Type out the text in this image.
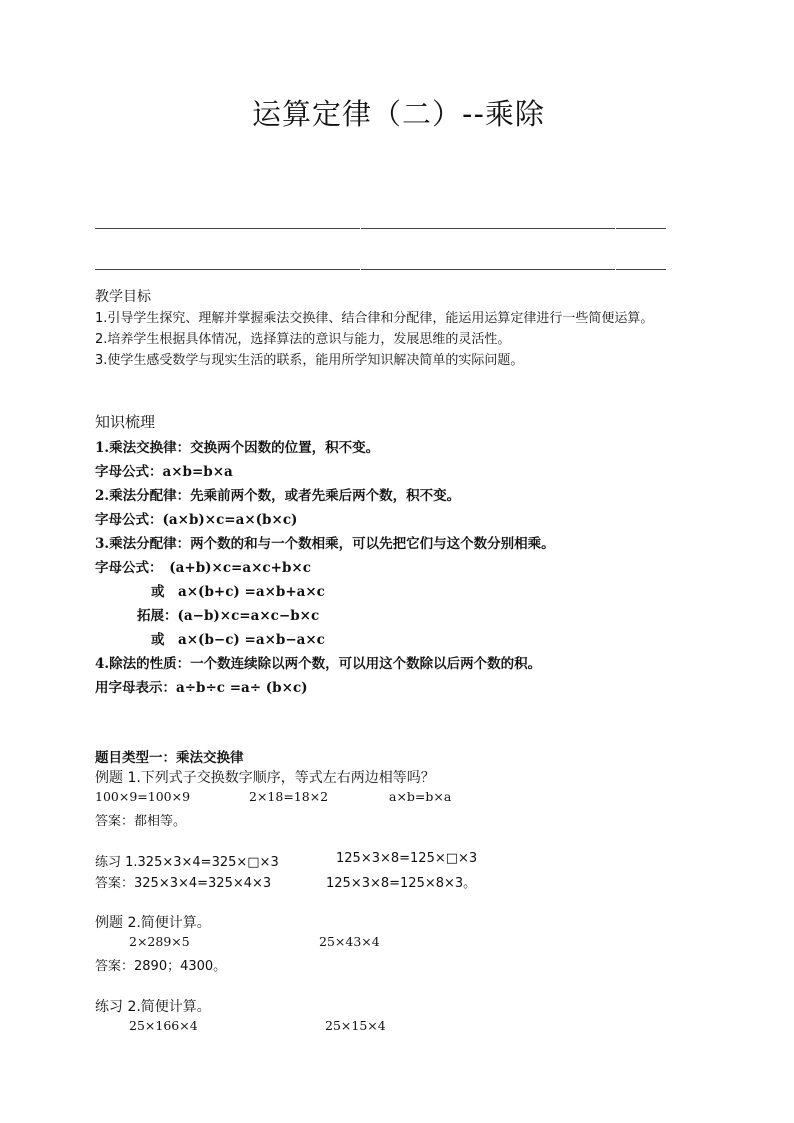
运算定律（二）--乘除
教学目标
1.引导学生探究、理解并掌握乘法交换律、结合律和分配律，能运用运算定律进行一些简便运算。
2.培养学生根据具体情况，选择算法的意识与能力，发展思维的灵活性。
3.使学生感受数学与现实生活的联系，能用所学知识解决简单的实际问题。
知识梳理
1.乘法交换律：交换两个因数的位置，积不变。
字母公式：a×b=b×a
2.乘法分配律：先乘前两个数，或者先乘后两个数，积不变。
字母公式：(a×b)×c=a×(b×c)
3.乘法分配律：两个数的和与一个数相乘，可以先把它们与这个数分别相乘。
字母公式：　(a+b)×c=a×c+b×c
或　a×(b+c) =a×b+a×c
拓展：(a−b)×c=a×c−b×c
或　a×(b−c) =a×b−a×c
4.除法的性质：一个数连续除以两个数，可以用这个数除以后两个数的积。
用字母表示：a÷b÷c =a÷ (b×c)
题目类型一：乘法交换律
例题 1.下列式子交换数字顺序，等式左右两边相等吗？
100×9=100×9	2×18=18×2	a×b=b×a
答案：都相等。
练习 1.325×3×4=325×□×3	125×3×8=125×□×3
答案：325×3×4=325×4×3	125×3×8=125×8×3。
例题 2.简便计算。
2×289×5	25×43×4
答案：2890；4300。
练习 2.简便计算。
25×166×4	25×15×4
